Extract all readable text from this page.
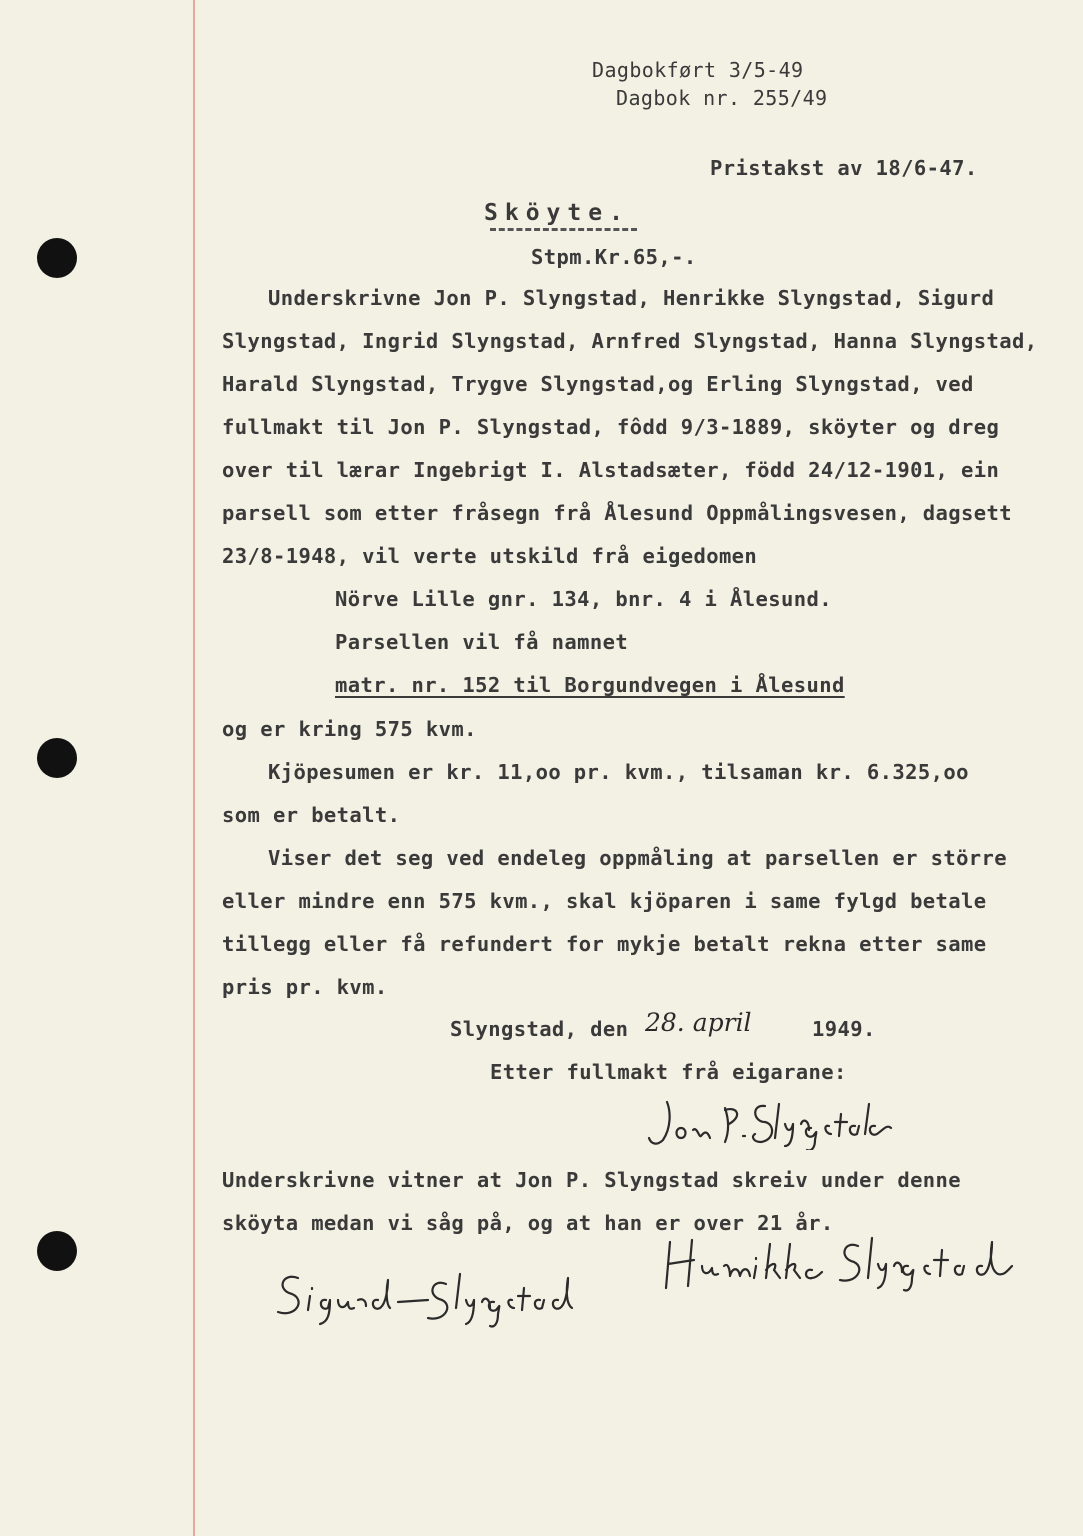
Dagbokført 3/5-49
Dagbok nr. 255/49
Pristakst av 18/6-47.
Sköyte.
Stpm.Kr.65,-.
Underskrivne Jon P. Slyngstad, Henrikke Slyngstad, Sigurd
Slyngstad, Ingrid Slyngstad, Arnfred Slyngstad, Hanna Slyngstad,
Harald Slyngstad, Trygve Slyngstad,og Erling Slyngstad, ved
fullmakt til Jon P. Slyngstad, fôdd 9/3-1889, sköyter og dreg
over til lærar Ingebrigt I. Alstadsæter, född 24/12-1901, ein
parsell som etter fråsegn frå Ålesund Oppmålingsvesen, dagsett
23/8-1948, vil verte utskild frå eigedomen
Nörve Lille gnr. 134, bnr. 4 i Ålesund.
Parsellen vil få namnet
matr. nr. 152 til Borgundvegen i Ålesund
og er kring 575 kvm.
Kjöpesumen er kr. 11,oo pr. kvm., tilsaman kr. 6.325,oo
som er betalt.
Viser det seg ved endeleg oppmåling at parsellen er större
eller mindre enn 575 kvm., skal kjöparen i same fylgd betale
tillegg eller få refundert for mykje betalt rekna etter same
pris pr. kvm.
Slyngstad, den 28. april	1949.
Etter fullmakt frå eigarane:
Underskrivne vitner at Jon P. Slyngstad skreiv under denne
sköyta medan vi såg på, og at han er over 21 år.
